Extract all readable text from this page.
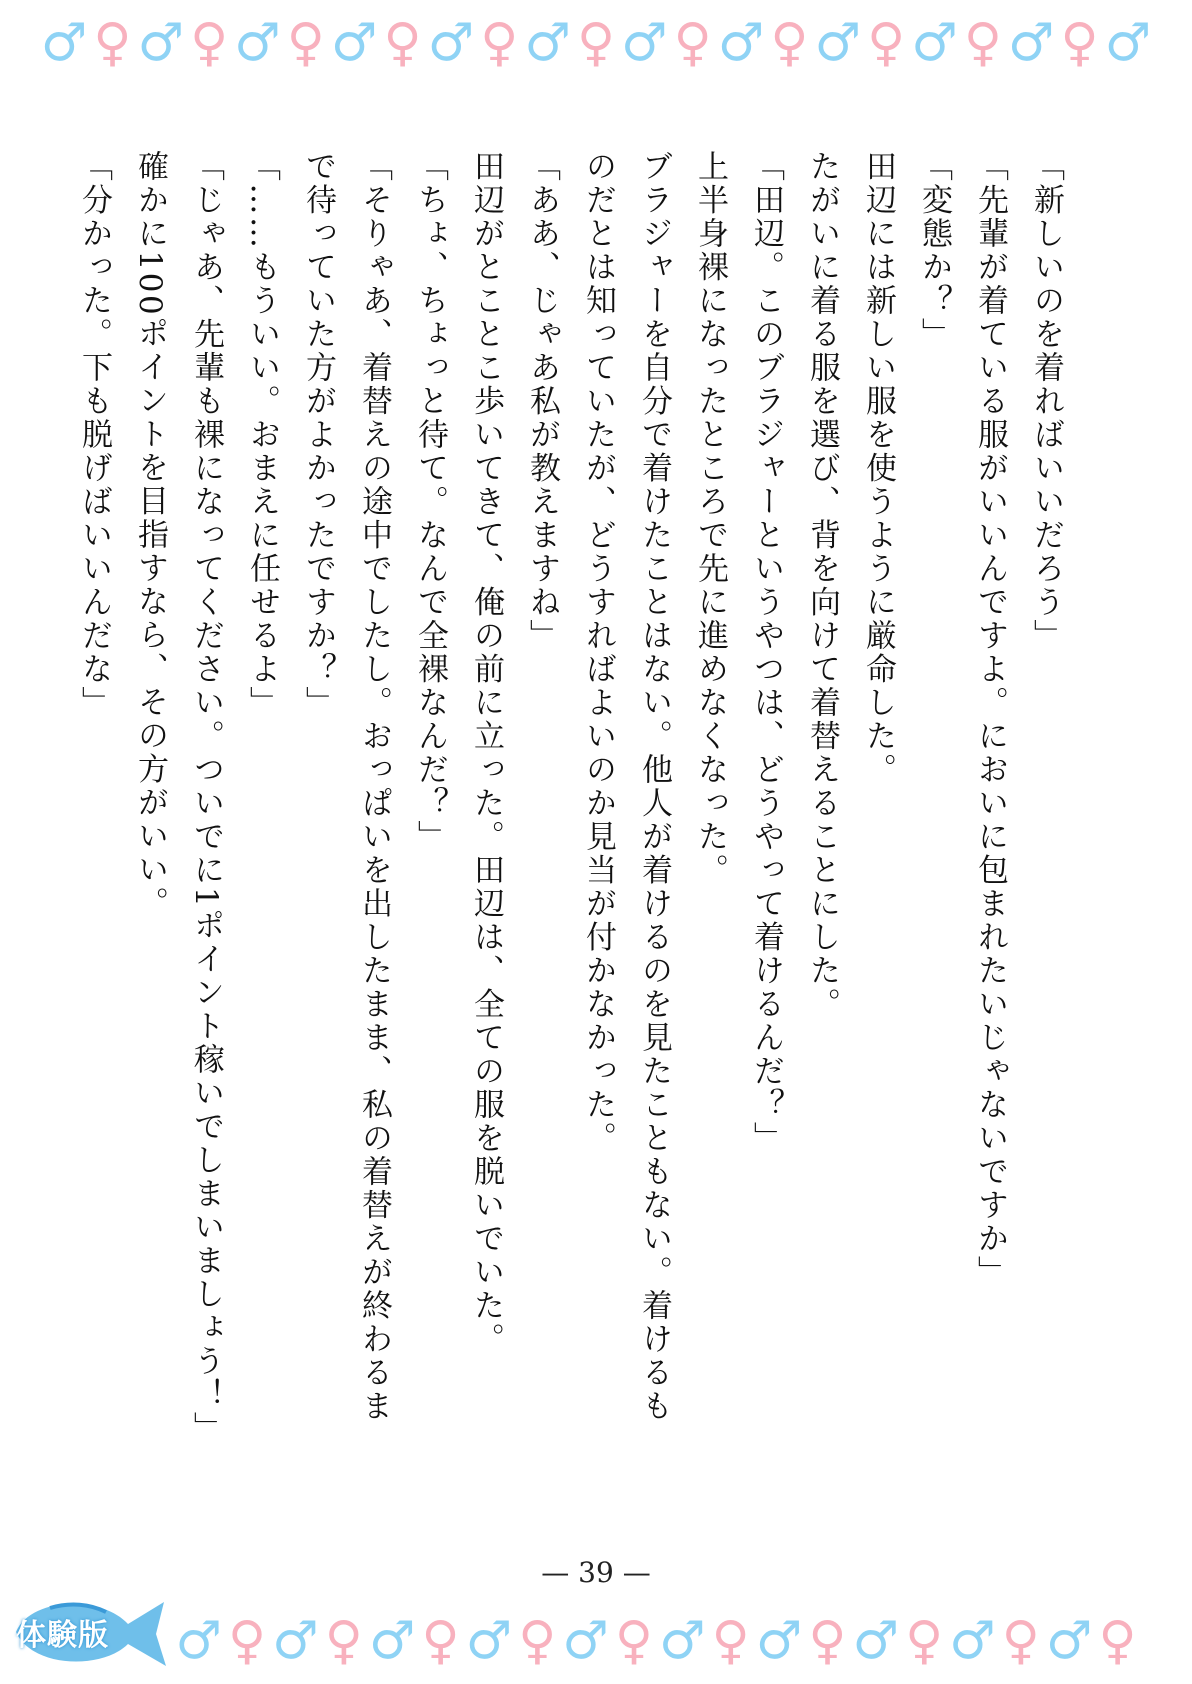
♂ ♀ ♂ ♀ ♂ ♀ ♂ ♀ ♂ ♀ ♂ ♀ ♂ ♀ ♂ ♀ ♂ ♀ ♂ ♀ ♂ ♀ ♂

「新しいのを着ればいいだろう」

「先輩が着ている服がいいんですよ。においに包まれたいじゃないですか」

「変態か？」

田辺には新しい服を使うように厳命した。

たがいに着る服を選び、背を向けて着替えることにした。

「田辺。このブラジャーというやつは、どうやって着けるんだ？」

上半身裸になったところで先に進めなくなった。

ブラジャーを自分で着けたことはない。他人が着けるのを見たこともない。着けるものだとは知っていたが、どうすればよいのか見当が付かなかった。

「ああ、じゃあ私が教えますね」

田辺がとことこ歩いてきて、俺の前に立った。田辺は、全ての服を脱いでいた。

「ちょ、ちょっと待て。なんで全裸なんだ？」

「そりゃあ、着替えの途中でしたし。おっぱいを出したまま、私の着替えが終わるまで待っていた方がよかったですか？」

「……もういい。おまえに任せるよ」

「じゃあ、先輩も裸になってください。ついでに1ポイント稼いでしまいましょう！」

確かに100ポイントを目指すなら、その方がいい。

「分かった。下も脱げばいいんだな」

— 39 —
♂ ♀ ♂ ♀ ♂ ♀ ♂ ♀ ♂ ♀ ♂ ♀ ♂ ♀ ♂ ♀ ♂ ♀ ♂ ♀
体験版
